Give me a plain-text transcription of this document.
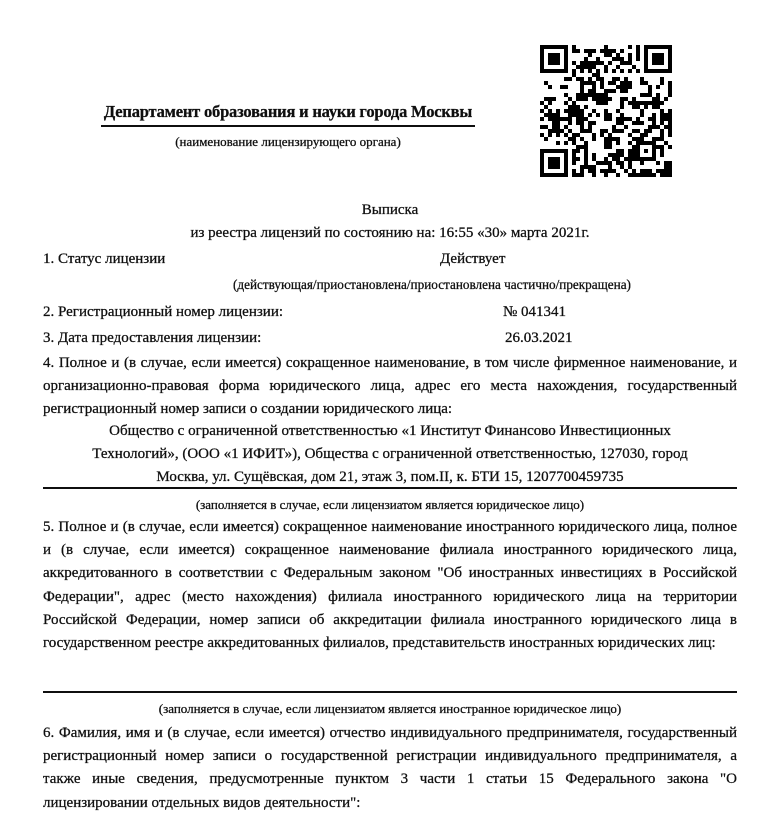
Департамент образования и науки города Москвы
(наименование лицензирующего органа)
Выписка
из реестра лицензий по состоянию на: 16:55 «30» марта 2021г.
1. Статус лицензии	Действует
(действующая/приостановлена/приостановлена частично/прекращена)
2. Регистрационный номер лицензии:	№ 041341
3. Дата предоставления лицензии:	26.03.2021

4. Полное и (в случае, если имеется) сокращенное наименование, в том числе фирменное наименование, и организационно-правовая форма юридического лица, адрес его места нахождения, государственный регистрационный номер записи о создании юридического лица:

Общество с ограниченной ответственностью «1 Институт Финансово Инвестиционных Технологий», (ООО «1 ИФИТ»), Общества с ограниченной ответственностью, 127030, город Москва, ул. Сущёвская, дом 21, этаж 3, пом.II, к. БТИ 15, 1207700459735
(заполняется в случае, если лицензиатом является юридическое лицо)

5. Полное и (в случае, если имеется) сокращенное наименование иностранного юридического лица, полное и (в случае, если имеется) сокращенное наименование филиала иностранного юридического лица, аккредитованного в соответствии с Федеральным законом "Об иностранных инвестициях в Российской Федерации", адрес (место нахождения) филиала иностранного юридического лица на территории Российской Федерации, номер записи об аккредитации филиала иностранного юридического лица в государственном реестре аккредитованных филиалов, представительств иностранных юридических лиц:

(заполняется в случае, если лицензиатом является иностранное юридическое лицо)

6. Фамилия, имя и (в случае, если имеется) отчество индивидуального предпринимателя, государственный регистрационный номер записи о государственной регистрации индивидуального предпринимателя, а также иные сведения, предусмотренные пунктом 3 части 1 статьи 15 Федерального закона "О лицензировании отдельных видов деятельности":
